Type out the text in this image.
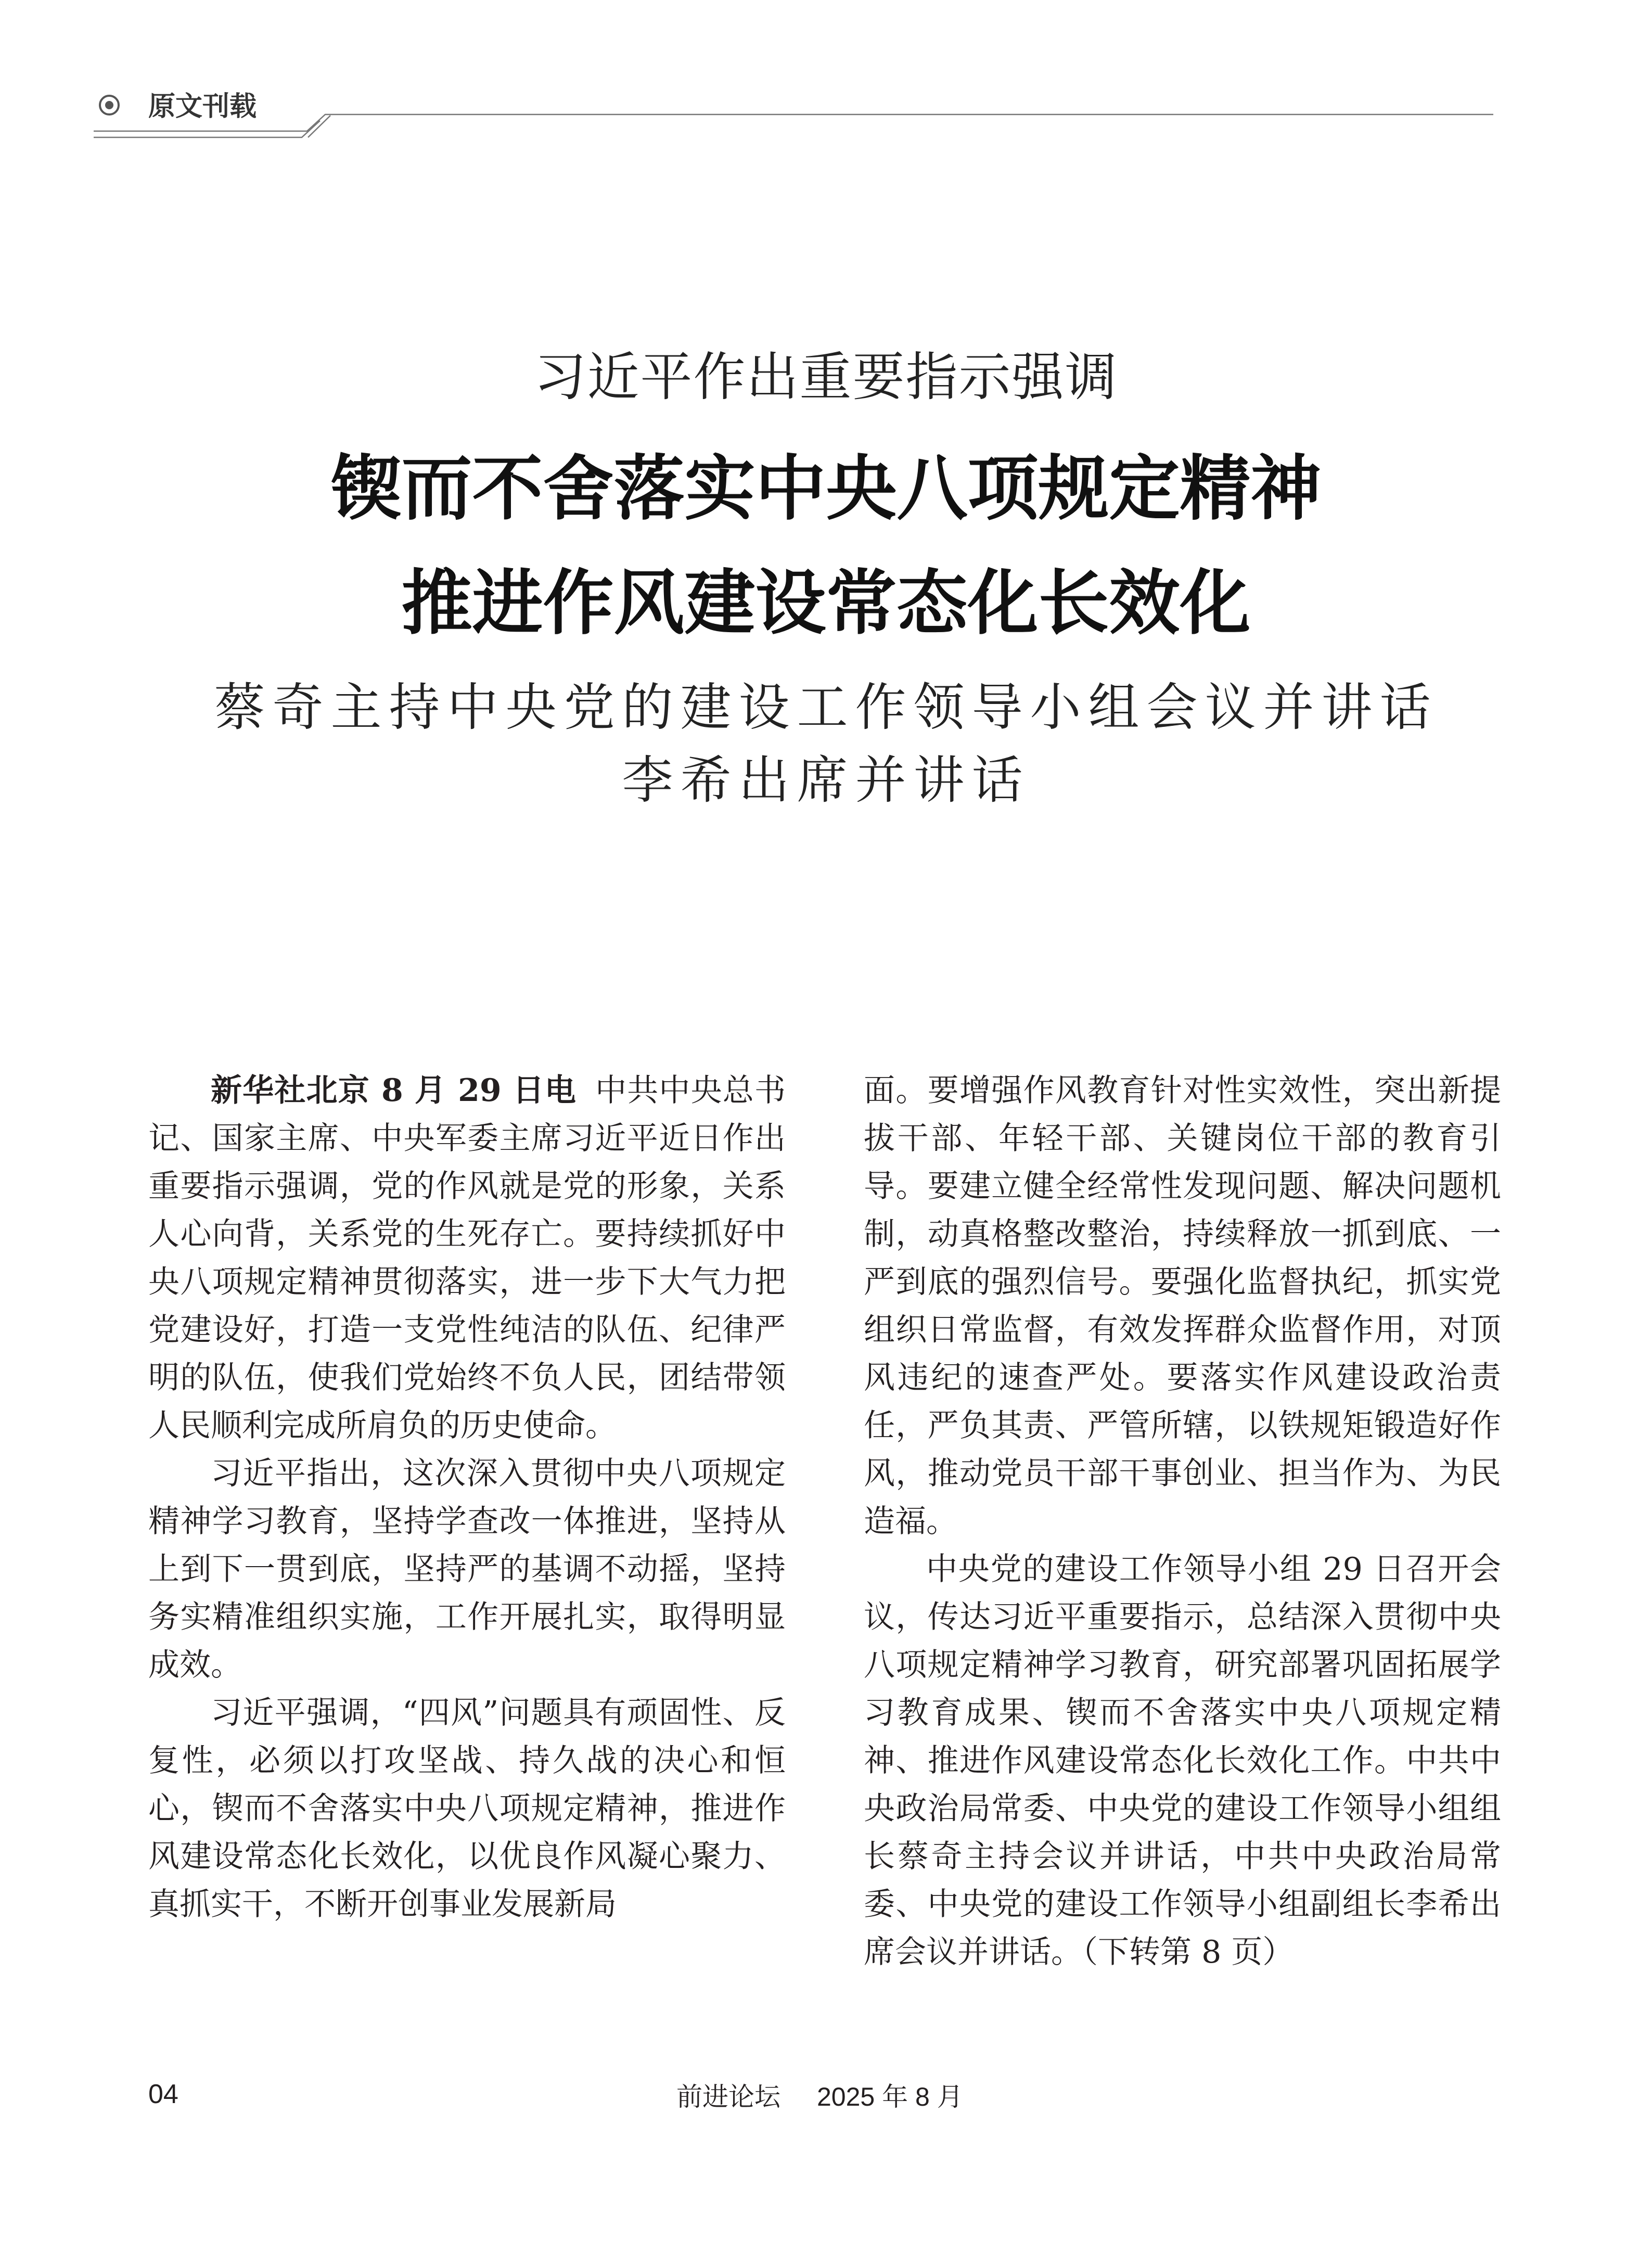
原文刊载
习近平作出重要指示强调
锲而不舍落实中央八项规定精神
推进作风建设常态化长效化
蔡奇主持中央党的建设工作领导小组会议并讲话
李希出席并讲话

新华社北京 8 月 29 日电 中共中央总书记、国家主席、中央军委主席习近平近日作出重要指示强调，党的作风就是党的形象，关系人心向背，关系党的生死存亡。要持续抓好中央八项规定精神贯彻落实，进一步下大气力把党建设好，打造一支党性纯洁的队伍、纪律严明的队伍，使我们党始终不负人民，团结带领人民顺利完成所肩负的历史使命。

习近平指出，这次深入贯彻中央八项规定精神学习教育，坚持学查改一体推进，坚持从上到下一贯到底，坚持严的基调不动摇，坚持务实精准组织实施，工作开展扎实，取得明显成效。

习近平强调，“四风”问题具有顽固性、反复性，必须以打攻坚战、持久战的决心和恒心，锲而不舍落实中央八项规定精神，推进作风建设常态化长效化，以优良作风凝心聚力、真抓实干，不断开创事业发展新局

面。要增强作风教育针对性实效性，突出新提拔干部、年轻干部、关键岗位干部的教育引导。要建立健全经常性发现问题、解决问题机制，动真格整改整治，持续释放一抓到底、一严到底的强烈信号。要强化监督执纪，抓实党组织日常监督，有效发挥群众监督作用，对顶风违纪的速查严处。要落实作风建设政治责任，严负其责、严管所辖，以铁规矩锻造好作风，推动党员干部干事创业、担当作为、为民造福。

中央党的建设工作领导小组 29 日召开会议，传达习近平重要指示，总结深入贯彻中央八项规定精神学习教育，研究部署巩固拓展学习教育成果、锲而不舍落实中央八项规定精神、推进作风建设常态化长效化工作。中共中央政治局常委、中央党的建设工作领导小组组长蔡奇主持会议并讲话，中共中央政治局常委、中央党的建设工作领导小组副组长李希出席会议并讲话。（下转第 8 页）

04	前进论坛 2025 年 8 月
